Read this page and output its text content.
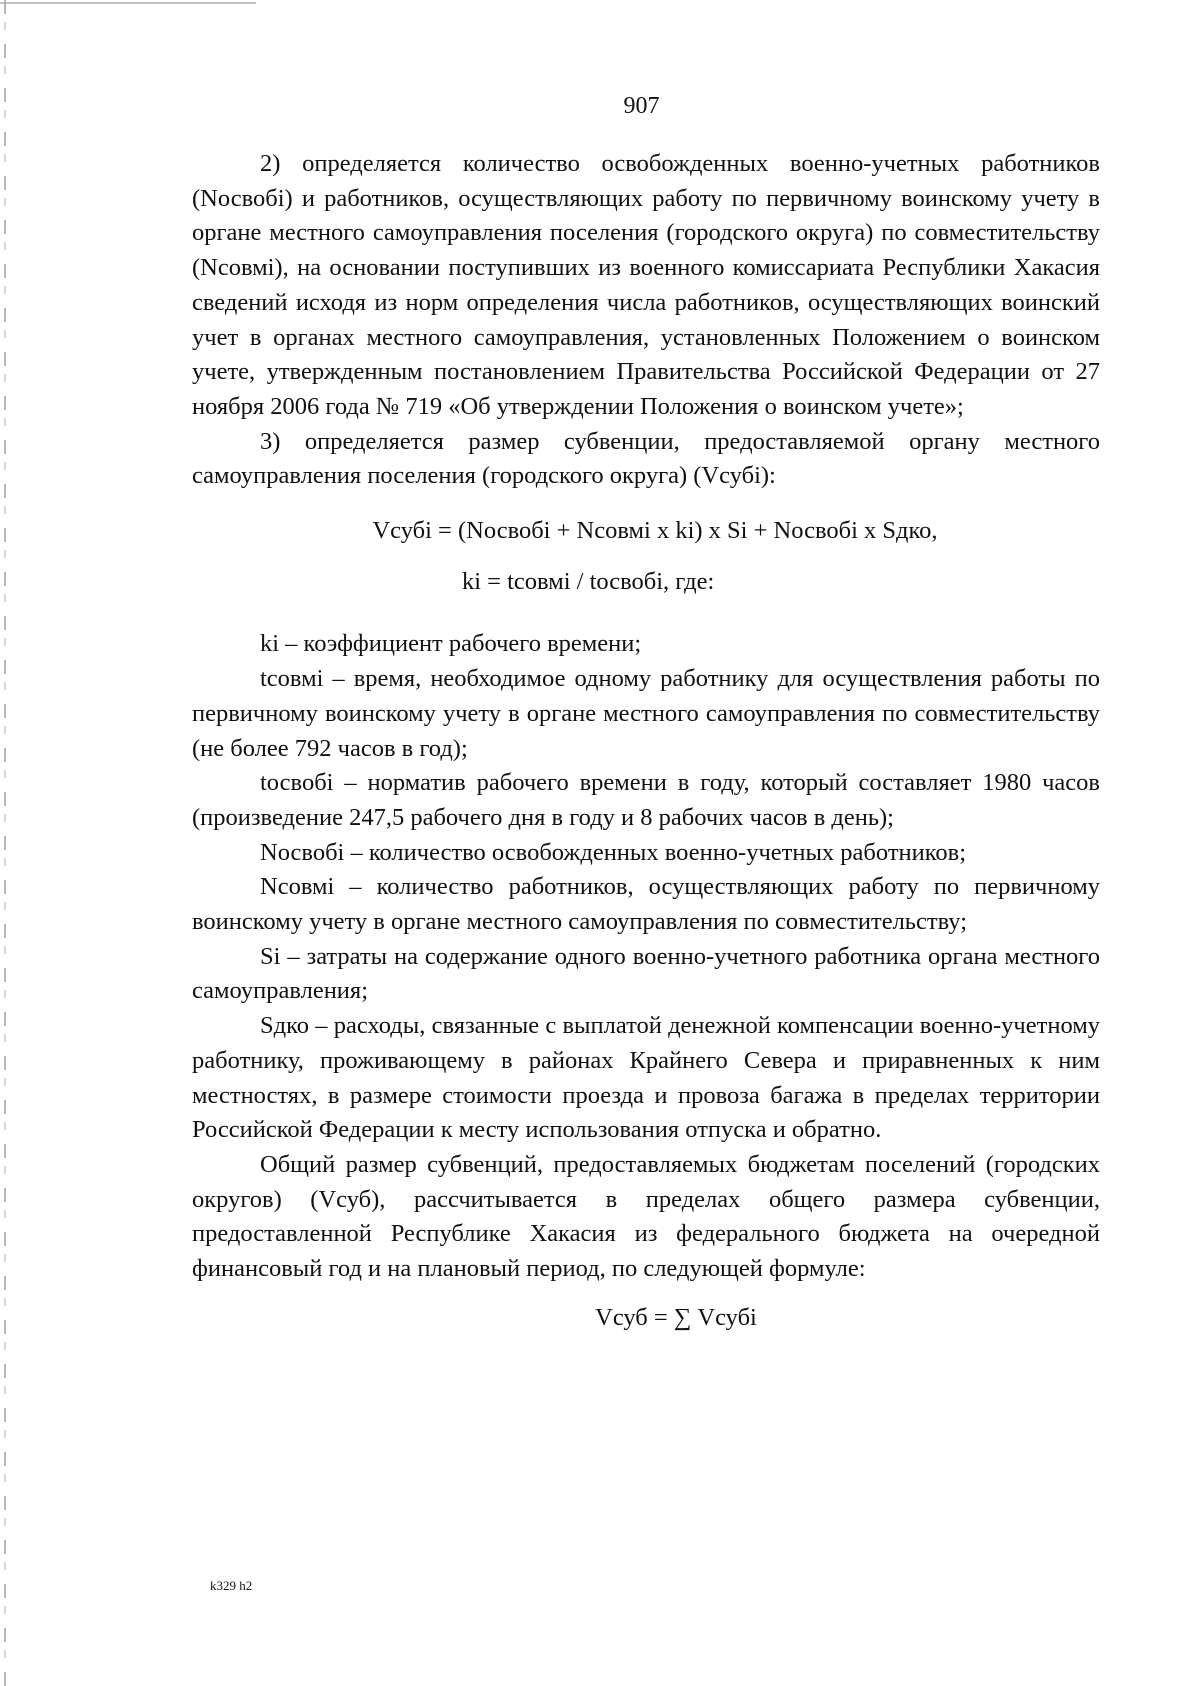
907

2) определяется количество освобожденных военно-учетных работников (Nосвобi) и работников, осуществляющих работу по первичному воинскому учету в органе местного самоуправления поселения (городского округа) по совместительству (Nсовмi), на основании поступивших из военного комиссариата Республики Хакасия сведений исходя из норм определения числа работников, осуществляющих воинский учет в органах местного самоуправления, установленных Положением о воинском учете, утвержденным постановлением Правительства Российской Федерации от 27 ноября 2006 года № 719 «Об утверждении Положения о воинском учете»;

3) определяется размер субвенции, предоставляемой органу местного самоуправления поселения (городского округа) (Vсубi):

Vсубi = (Nосвобi + Nсовмi x ki) x Si + Nосвобi x Sдко,

ki = tсовмi / tосвобi, где:

ki – коэффициент рабочего времени;

tсовмi – время, необходимое одному работнику для осуществления работы по первичному воинскому учету в органе местного самоуправления по совместительству (не более 792 часов в год);

tосвобi – норматив рабочего времени в году, который составляет 1980 часов (произведение 247,5 рабочего дня в году и 8 рабочих часов в день);

Nосвобi – количество освобожденных военно-учетных работников;

Nсовмi – количество работников, осуществляющих работу по первичному воинскому учету в органе местного самоуправления по совместительству;

Si – затраты на содержание одного военно-учетного работника органа местного самоуправления;

Sдко – расходы, связанные с выплатой денежной компенсации военно-учетному работнику, проживающему в районах Крайнего Севера и приравненных к ним местностях, в размере стоимости проезда и провоза багажа в пределах территории Российской Федерации к месту использования отпуска и обратно.

Общий размер субвенций, предоставляемых бюджетам поселений (городских округов) (Vсуб), рассчитывается в пределах общего размера субвенции, предоставленной Республике Хакасия из федерального бюджета на очередной финансовый год и на плановый период, по следующей формуле:

Vсуб = ∑ Vсубi

k329 h2
